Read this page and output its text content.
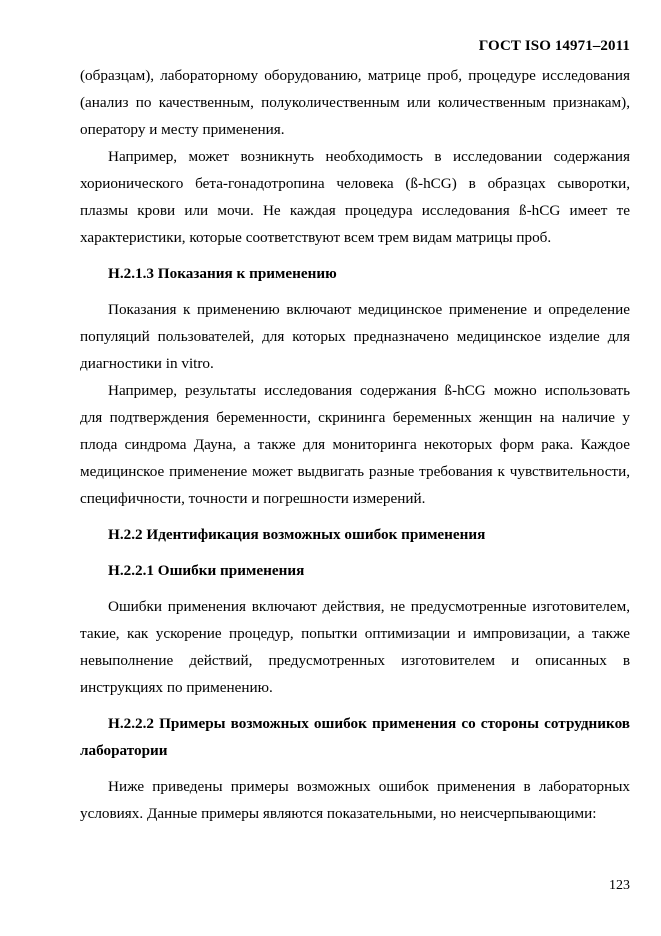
ГОСТ ISO 14971–2011

(образцам), лабораторному оборудованию, матрице проб, процедуре исследования (анализ по качественным, полуколичественным или количественным признакам), оператору и месту применения.

Например, может возникнуть необходимость в исследовании содержания хорионического бета-гонадотропина человека (ß-hCG) в образцах сыворотки, плазмы крови или мочи. Не каждая процедура исследования ß-hCG имеет те характеристики, которые соответствуют всем трем видам матрицы проб.

Н.2.1.3 Показания к применению

Показания к применению включают медицинское применение и определение популяций пользователей, для которых предназначено медицинское изделие для диагностики in vitro.

Например, результаты исследования содержания ß-hCG можно использовать для подтверждения беременности, скрининга беременных женщин на наличие у плода синдрома Дауна, а также для мониторинга некоторых форм рака. Каждое медицинское применение может выдвигать разные требования к чувствительности, специфичности, точности и погрешности измерений.

Н.2.2 Идентификация возможных ошибок применения

Н.2.2.1 Ошибки применения

Ошибки применения включают действия, не предусмотренные изготовителем, такие, как ускорение процедур, попытки оптимизации и импровизации, а также невыполнение действий, предусмотренных изготовителем и описанных в инструкциях по применению.

Н.2.2.2 Примеры возможных ошибок применения со стороны сотрудников лаборатории

Ниже приведены примеры возможных ошибок применения в лабораторных условиях. Данные примеры являются показательными, но неисчерпывающими:

123
